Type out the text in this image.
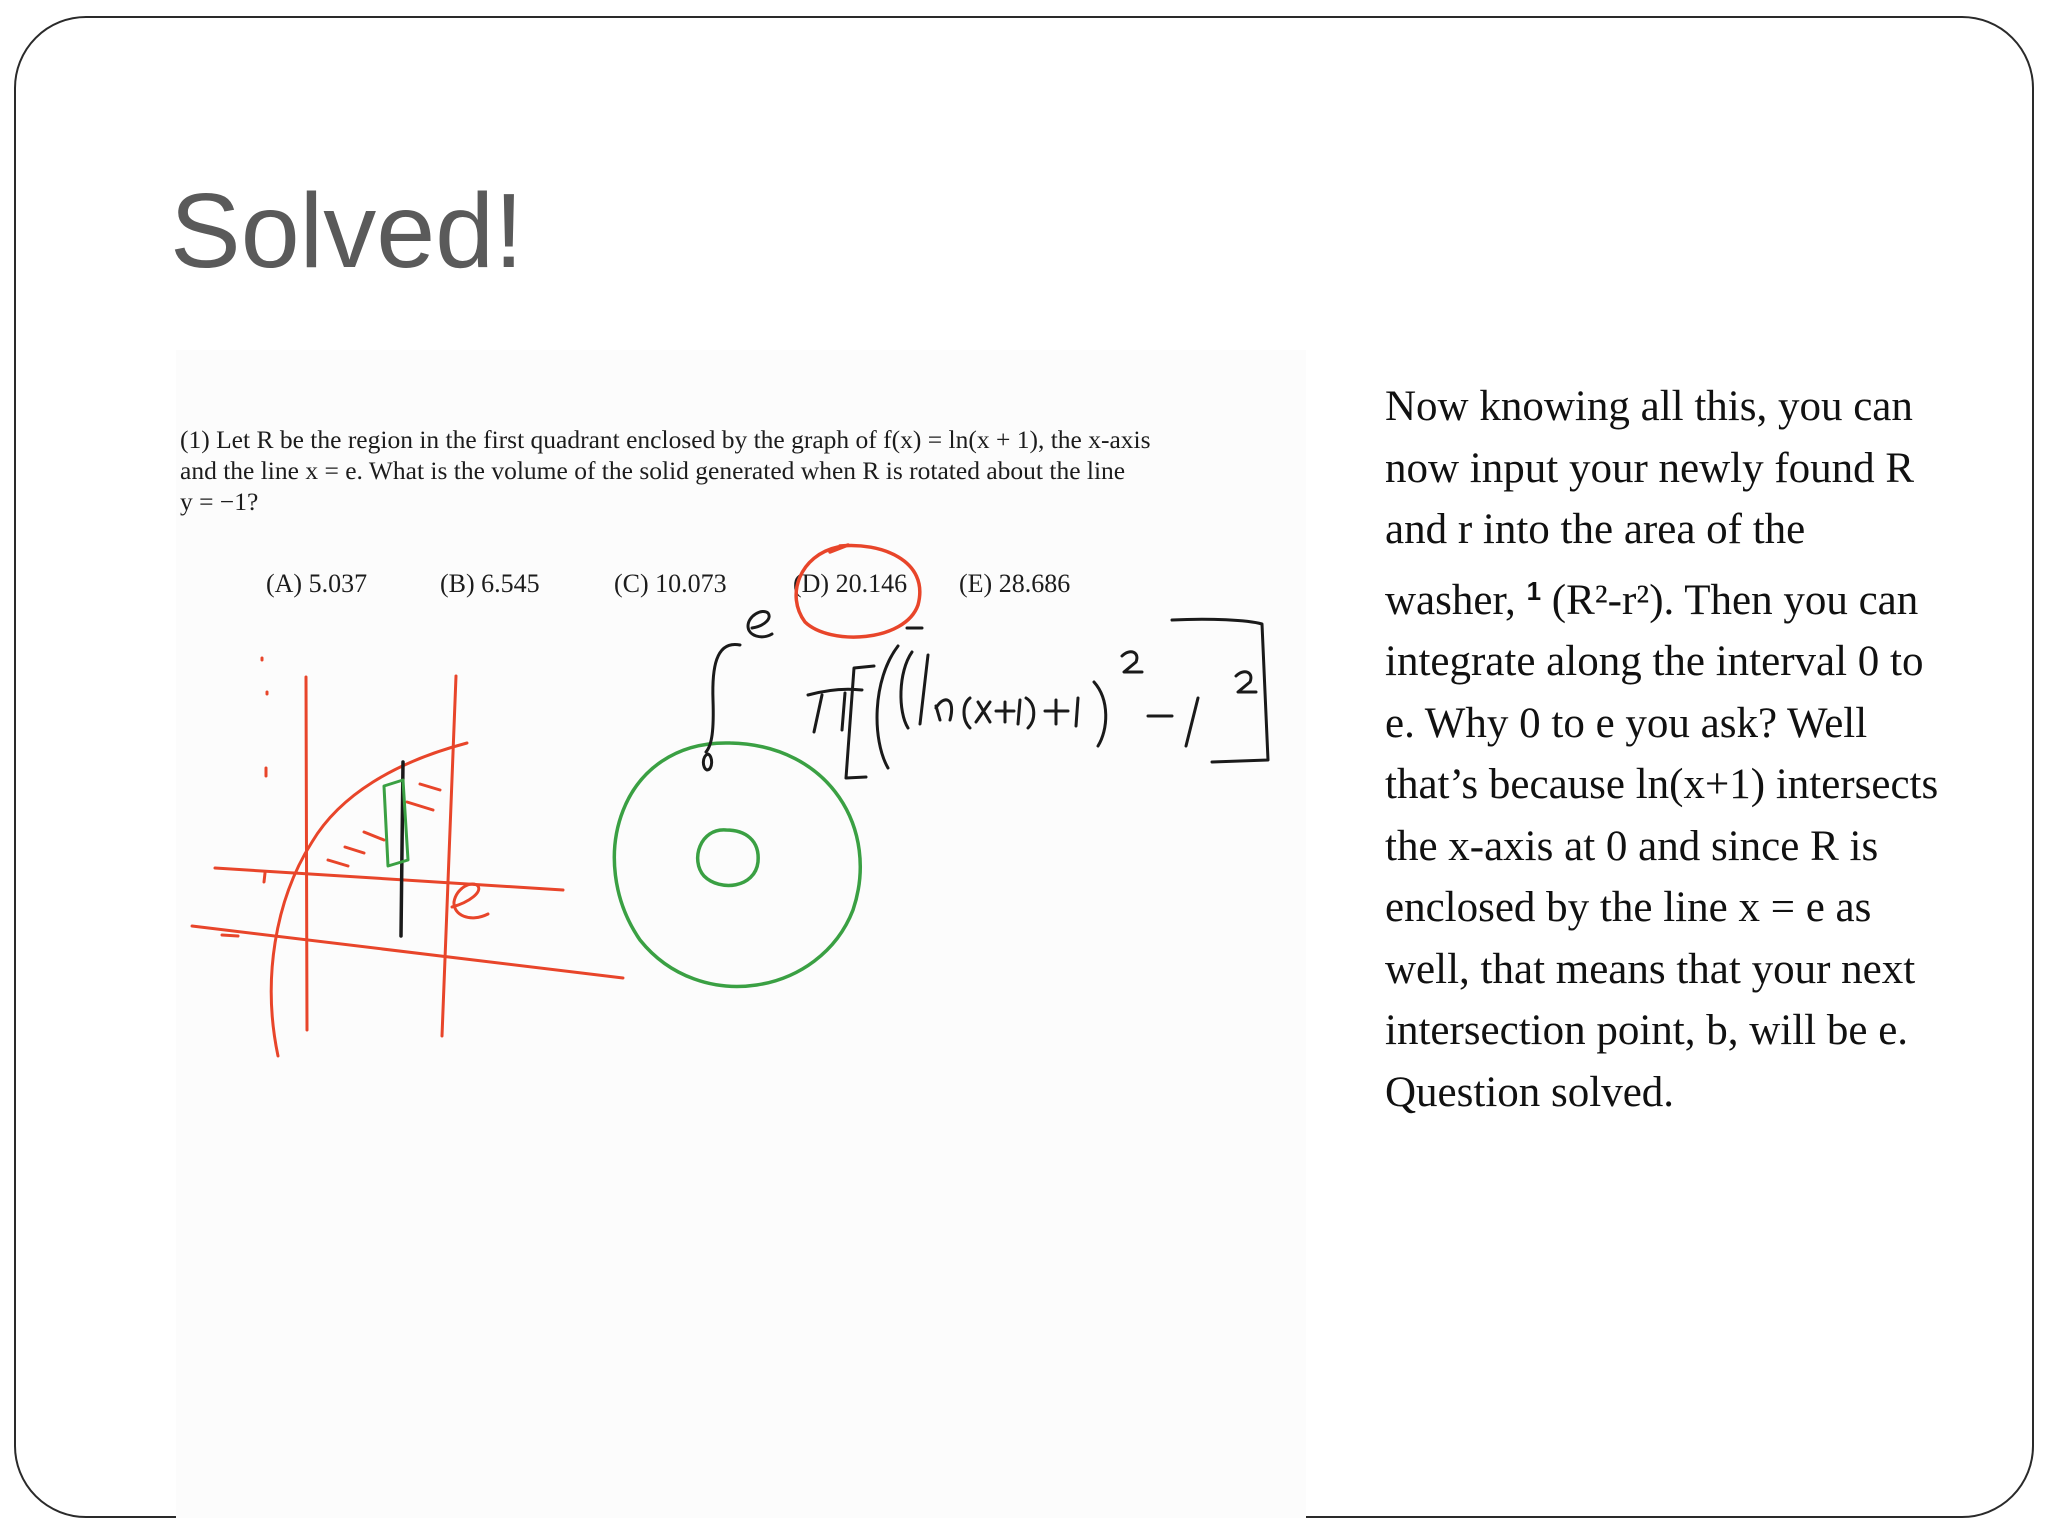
Solved!
(1) Let R be the region in the first quadrant enclosed by the graph of f(x) = ln(x + 1), the x-axis
and the line x = e. What is the volume of the solid generated when R is rotated about the line
y = −1?
(A) 5.037	(B) 6.545	(C) 10.073	(D) 20.146 (E) 28.686

Now knowing all this, you can now input your newly found R and r into the area of the washer, $^1$ (R²-r²). Then you can integrate along the interval 0 to e. Why 0 to e you ask? Well that’s because ln(x+1) intersects the x-axis at 0 and since R is enclosed by the line x = e as well, that means that your next intersection point, b, will be e. Question solved.
